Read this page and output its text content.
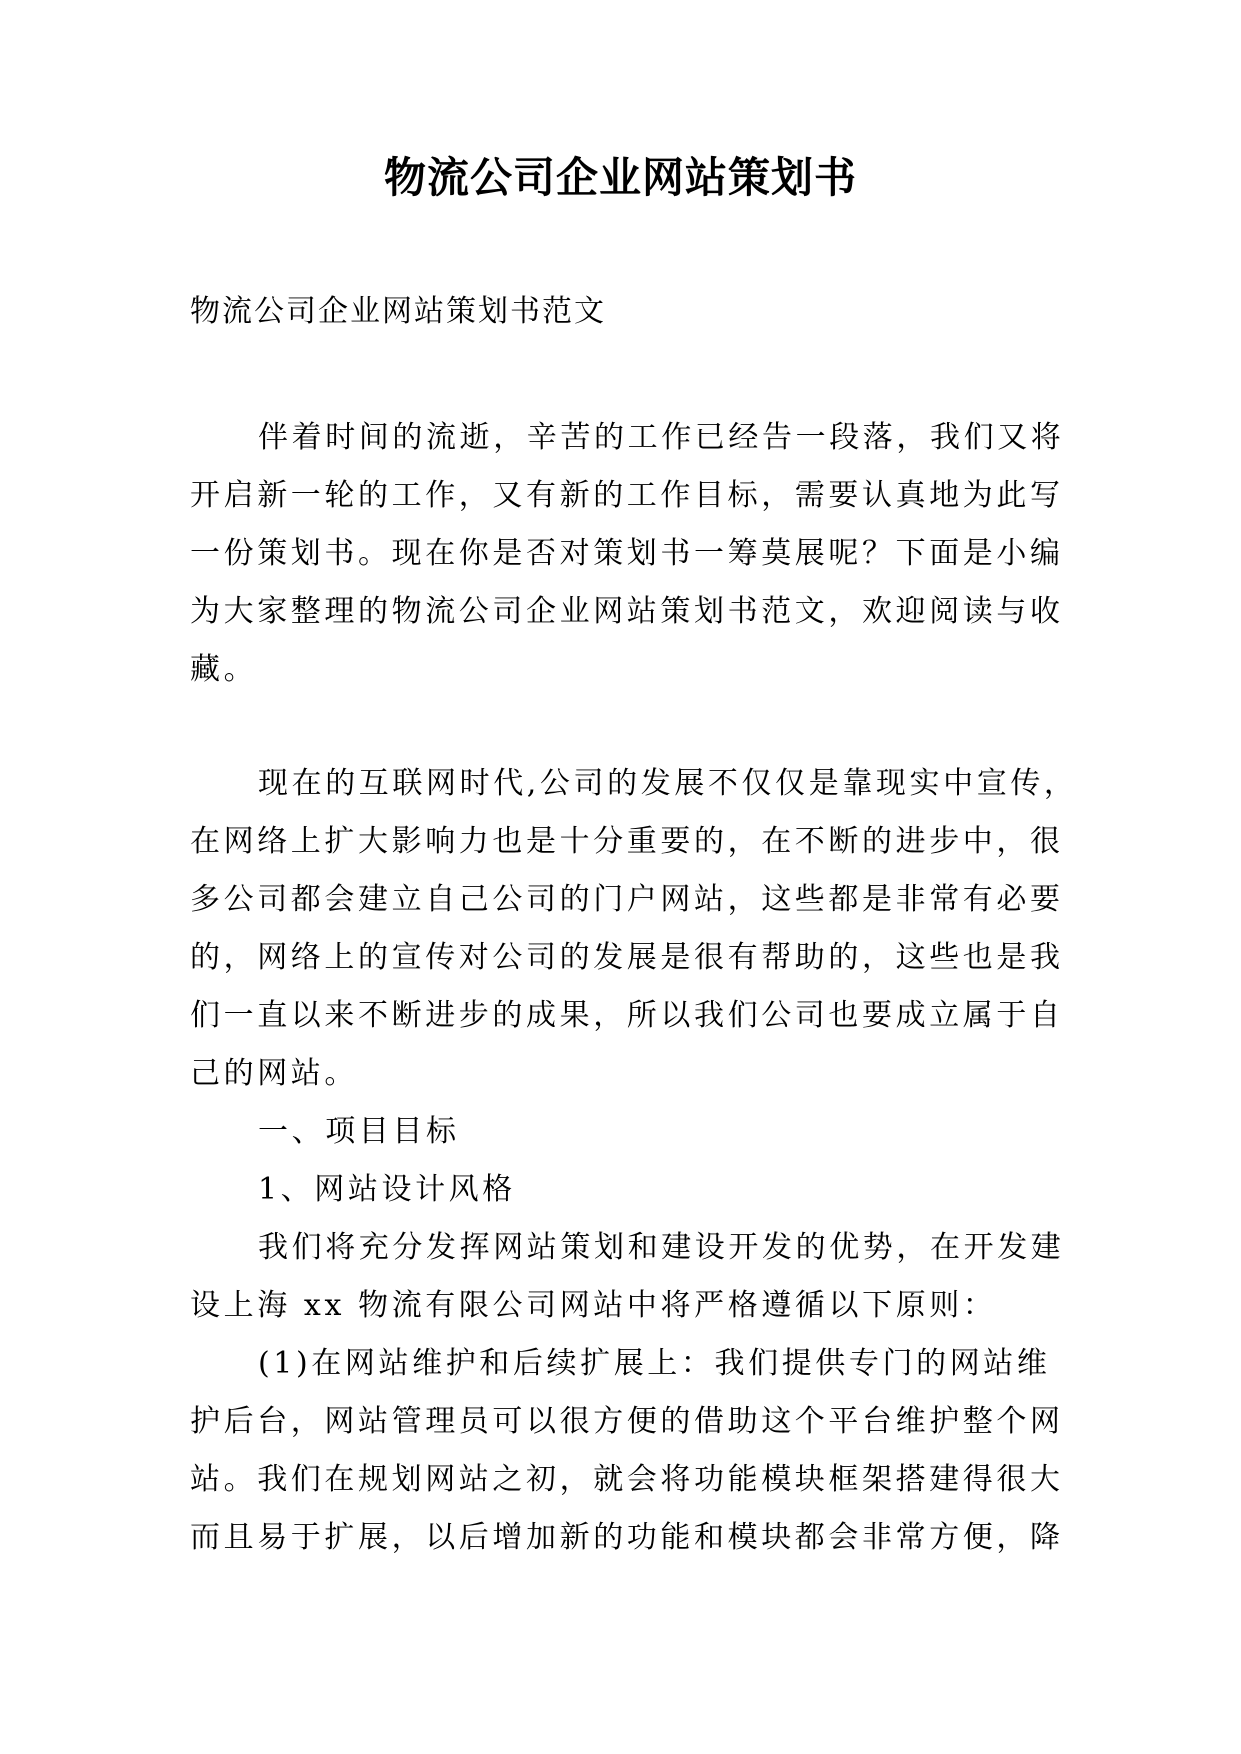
物流公司企业网站策划书
物流公司企业网站策划书范文
伴着时间的流逝，辛苦的工作已经告一段落，我们又将
开启新一轮的工作，又有新的工作目标，需要认真地为此写
一份策划书。现在你是否对策划书一筹莫展呢？下面是小编
为大家整理的物流公司企业网站策划书范文，欢迎阅读与收
藏。
现在的互联网时代,公司的发展不仅仅是靠现实中宣传，
在网络上扩大影响力也是十分重要的，在不断的进步中，很
多公司都会建立自己公司的门户网站，这些都是非常有必要
的，网络上的宣传对公司的发展是很有帮助的，这些也是我
们一直以来不断进步的成果，所以我们公司也要成立属于自
己的网站。
一、项目目标
1、网站设计风格
我们将充分发挥网站策划和建设开发的优势，在开发建
设上海 xx 物流有限公司网站中将严格遵循以下原则：
(1)在网站维护和后续扩展上：我们提供专门的网站维
护后台，网站管理员可以很方便的借助这个平台维护整个网
站。我们在规划网站之初，就会将功能模块框架搭建得很大
而且易于扩展，以后增加新的功能和模块都会非常方便，降
